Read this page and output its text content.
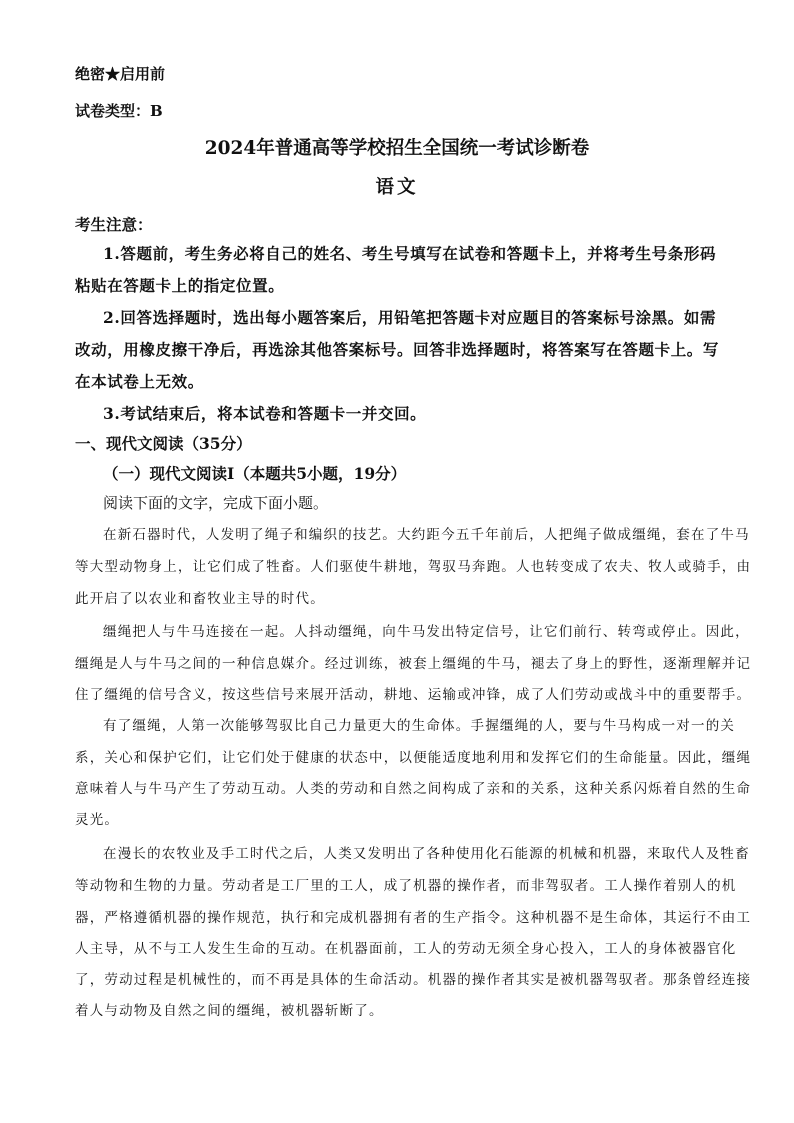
绝密★启用前
试卷类型：B
2024年普通高等学校招生全国统一考试诊断卷
语文
考生注意：
1.答题前，考生务必将自己的姓名、考生号填写在试卷和答题卡上，并将考生号条形码
粘贴在答题卡上的指定位置。
2.回答选择题时，选出每小题答案后，用铅笔把答题卡对应题目的答案标号涂黑。如需
改动，用橡皮擦干净后，再选涂其他答案标号。回答非选择题时，将答案写在答题卡上。写
在本试卷上无效。
3.考试结束后，将本试卷和答题卡一并交回。
一、现代文阅读（35分）
（一）现代文阅读Ⅰ（本题共5小题，19分）
阅读下面的文字，完成下面小题。
在新石器时代，人发明了绳子和编织的技艺。大约距今五千年前后，人把绳子做成缰绳，套在了牛马
等大型动物身上，让它们成了牲畜。人们驱使牛耕地，驾驭马奔跑。人也转变成了农夫、牧人或骑手，由
此开启了以农业和畜牧业主导的时代。
缰绳把人与牛马连接在一起。人抖动缰绳，向牛马发出特定信号，让它们前行、转弯或停止。因此，
缰绳是人与牛马之间的一种信息媒介。经过训练，被套上缰绳的牛马，褪去了身上的野性，逐渐理解并记
住了缰绳的信号含义，按这些信号来展开活动，耕地、运输或冲锋，成了人们劳动或战斗中的重要帮手。
有了缰绳，人第一次能够驾驭比自己力量更大的生命体。手握缰绳的人，要与牛马构成一对一的关
系，关心和保护它们，让它们处于健康的状态中，以便能适度地利用和发挥它们的生命能量。因此，缰绳
意味着人与牛马产生了劳动互动。人类的劳动和自然之间构成了亲和的关系，这种关系闪烁着自然的生命
灵光。
在漫长的农牧业及手工时代之后，人类又发明出了各种使用化石能源的机械和机器，来取代人及牲畜
等动物和生物的力量。劳动者是工厂里的工人，成了机器的操作者，而非驾驭者。工人操作着别人的机
器，严格遵循机器的操作规范，执行和完成机器拥有者的生产指令。这种机器不是生命体，其运行不由工
人主导，从不与工人发生生命的互动。在机器面前，工人的劳动无须全身心投入，工人的身体被器官化
了，劳动过程是机械性的，而不再是具体的生命活动。机器的操作者其实是被机器驾驭者。那条曾经连接
着人与动物及自然之间的缰绳，被机器斩断了。
